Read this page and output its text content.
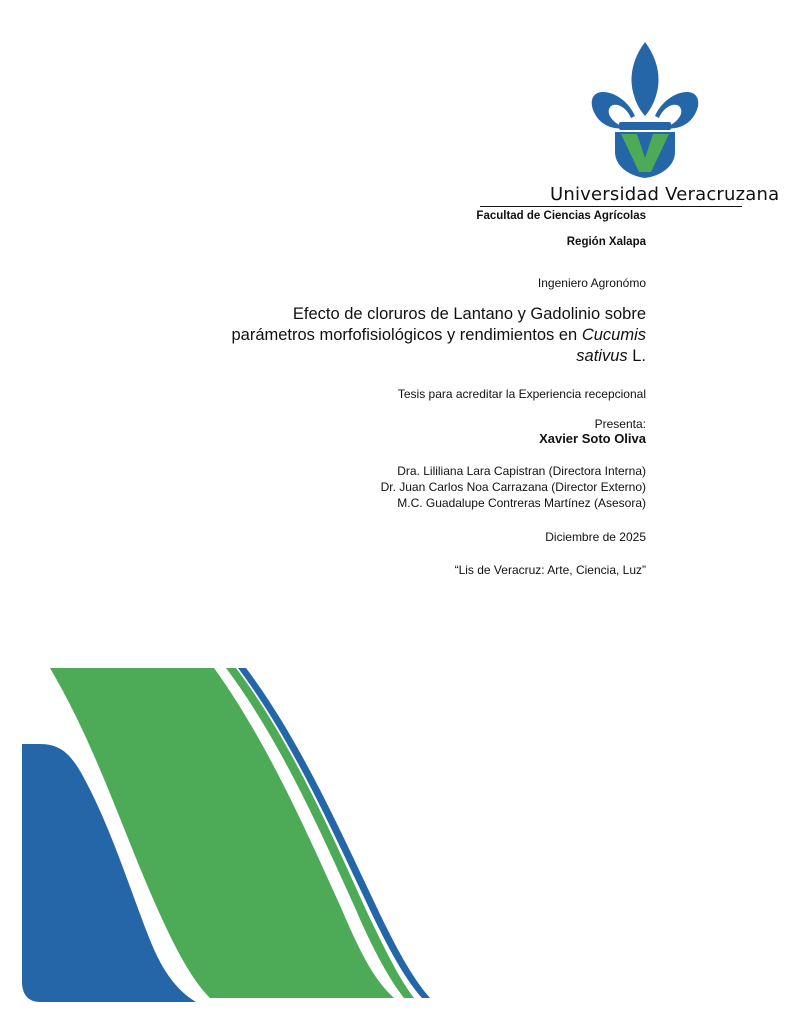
Universidad Veracruzana
Facultad de Ciencias Agrícolas
Región Xalapa
Ingeniero Agronómo
Efecto de cloruros de Lantano y Gadolinio sobre parámetros morfofisiológicos y rendimientos en Cucumis sativus L.
Tesis para acreditar la Experiencia recepcional
Presenta:
Xavier Soto Oliva
Dra. Lililiana Lara Capistran (Directora Interna)
Dr. Juan Carlos Noa Carrazana (Director Externo)
M.C. Guadalupe Contreras Martínez (Asesora)
Diciembre de 2025
“Lis de Veracruz: Arte, Ciencia, Luz”
